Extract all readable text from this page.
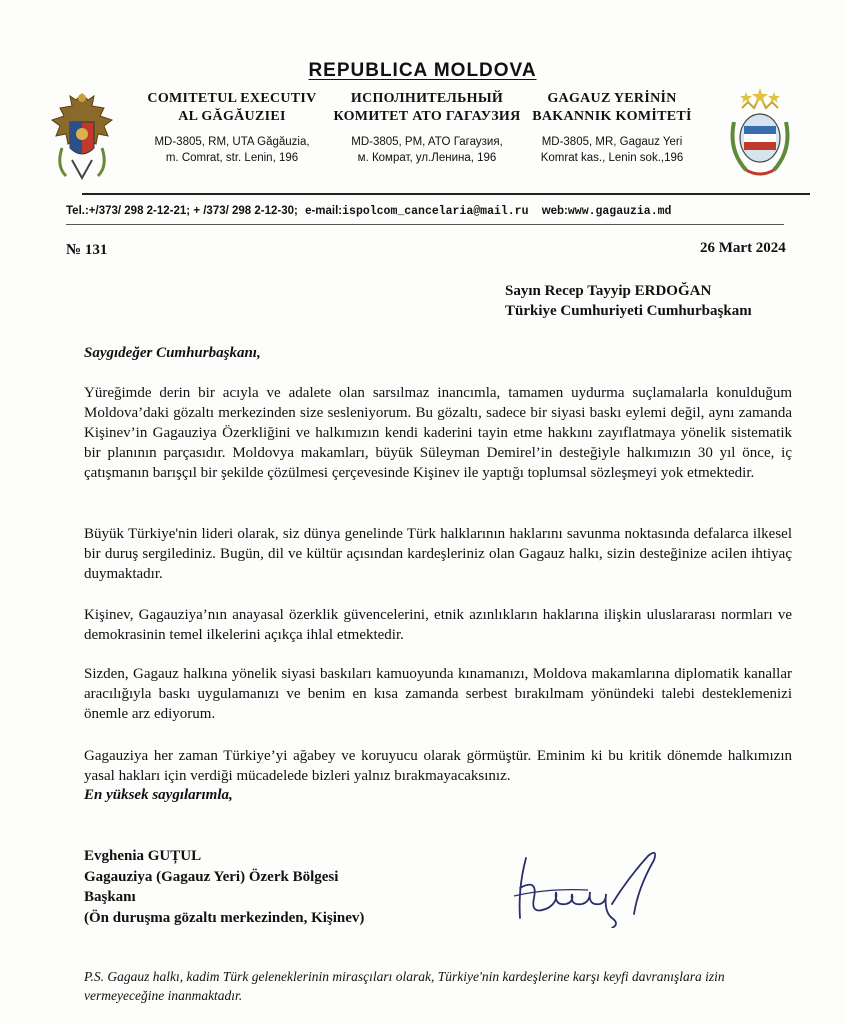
REPUBLICA MOLDOVA
COMITETUL EXECUTIV
AL GĂGĂUZIEI
MD-3805, RM, UTA Găgăuzia,
m. Comrat, str. Lenin, 196
ИСПОЛНИТЕЛЬНЫЙ
КОМИТЕТ АТО ГАГАУЗИЯ
MD-3805, PM, ATO Гагаузия,
м. Комрат, ул.Ленина, 196
GAGAUZ YERİNİN
BAKANNIK KOMİTETİ
MD-3805, MR, Gagauz Yeri
Komrat kas., Lenin sok.,196
Tel.:+/373/ 298 2-12-21; + /373/ 298 2-12-30; e-mail:ispolcom_cancelaria@mail.ru web:www.gagauzia.md
№ 131	26 Mart 2024
Sayın Recep Tayyip ERDOĞAN
Türkiye Cumhuriyeti Cumhurbaşkanı
Saygıdeğer Cumhurbaşkanı,
Yüreğimde derin bir acıyla ve adalete olan sarsılmaz inancımla, tamamen uydurma suçlamalarla konulduğum Moldova’daki gözaltı merkezinden size sesleniyorum. Bu gözaltı, sadece bir siyasi baskı eylemi değil, aynı zamanda Kişinev’in Gagauziya Özerkliğini ve halkımızın kendi kaderini tayin etme hakkını zayıflatmaya yönelik sistematik bir planının parçasıdır. Moldovya makamları, büyük Süleyman Demirel’in desteğiyle halkımızın 30 yıl önce, iç çatışmanın barışçıl bir şekilde çözülmesi çerçevesinde Kişinev ile yaptığı toplumsal sözleşmeyi yok etmektedir.
Büyük Türkiye'nin lideri olarak, siz dünya genelinde Türk halklarının haklarını savunma noktasında defalarca ilkesel bir duruş sergilediniz. Bugün, dil ve kültür açısından kardeşleriniz olan Gagauz halkı, sizin desteğinize acilen ihtiyaç duymaktadır.
Kişinev, Gagauziya’nın anayasal özerklik güvencelerini, etnik azınlıkların haklarına ilişkin uluslararası normları ve demokrasinin temel ilkelerini açıkça ihlal etmektedir.
Sizden, Gagauz halkına yönelik siyasi baskıları kamuoyunda kınamanızı, Moldova makamlarına diplomatik kanallar aracılığıyla baskı uygulamanızı ve benim en kısa zamanda serbest bırakılmam yönündeki talebi desteklemenizi önemle arz ediyorum.
Gagauziya her zaman Türkiye’yi ağabey ve koruyucu olarak görmüştür. Eminim ki bu kritik dönemde halkımızın yasal hakları için verdiği mücadelede bizleri yalnız bırakmayacaksınız.
En yüksek saygılarımla,
Evghenia GUȚUL
Gagauziya (Gagauz Yeri) Özerk Bölgesi
Başkanı
(Ön duruşma gözaltı merkezinden, Kişinev)
P.S. Gagauz halkı, kadim Türk geleneklerinin mirasçıları olarak, Türkiye'nin kardeşlerine karşı keyfi davranışlara izin vermeyeceğine inanmaktadır.
